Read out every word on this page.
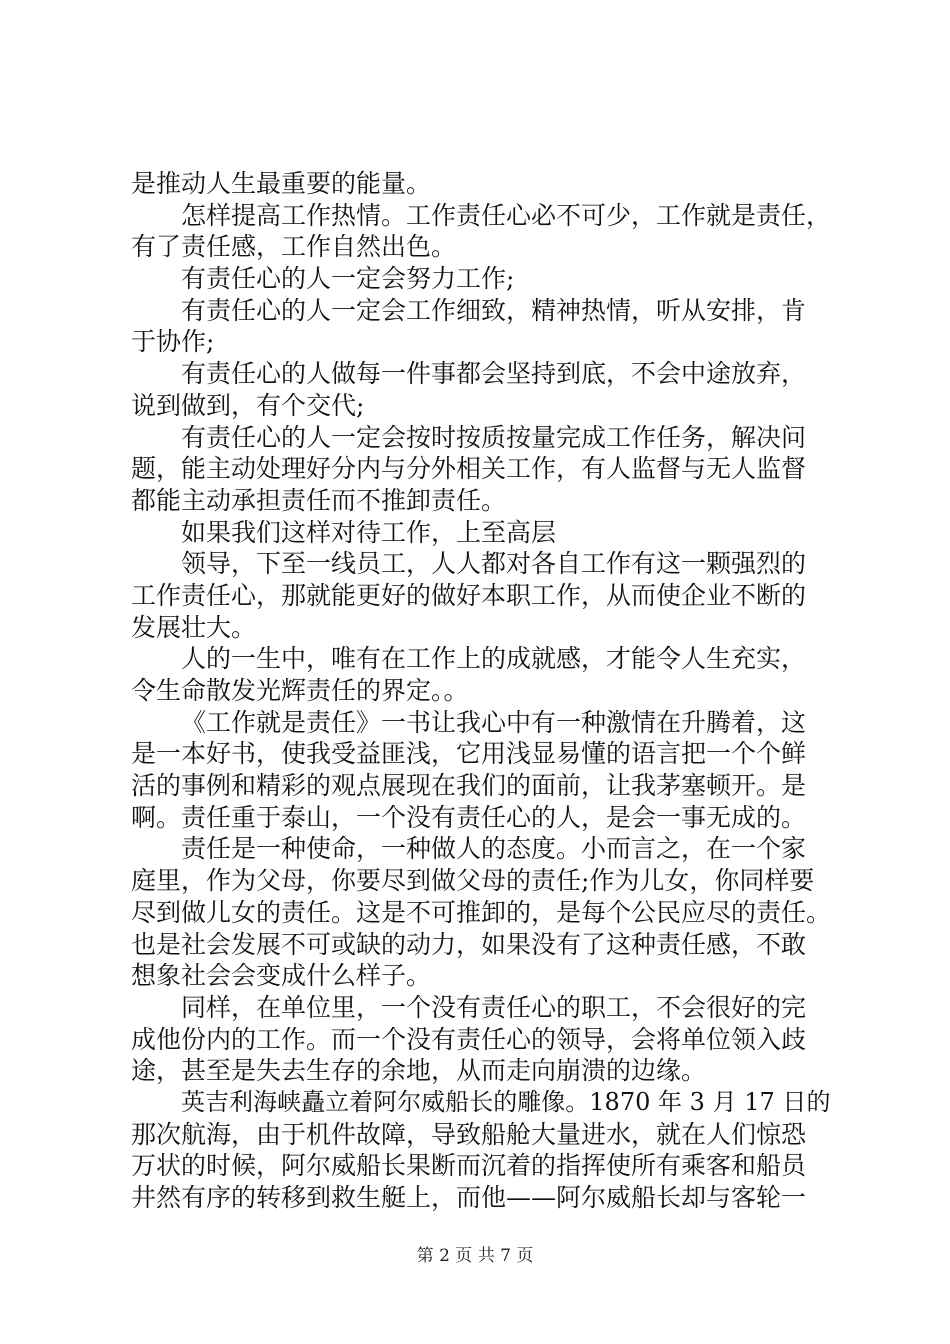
是推动人生最重要的能量。
怎样提高工作热情。工作责任心必不可少，工作就是责任，
有了责任感，工作自然出色。
有责任心的人一定会努力工作;
有责任心的人一定会工作细致，精神热情，听从安排，肯
于协作;
有责任心的人做每一件事都会坚持到底，不会中途放弃，
说到做到，有个交代;
有责任心的人一定会按时按质按量完成工作任务，解决问
题，能主动处理好分内与分外相关工作，有人监督与无人监督
都能主动承担责任而不推卸责任。
如果我们这样对待工作，上至高层
领导，下至一线员工，人人都对各自工作有这一颗强烈的
工作责任心，那就能更好的做好本职工作，从而使企业不断的
发展壮大。
人的一生中，唯有在工作上的成就感，才能令人生充实，
令生命散发光辉责任的界定。。
《工作就是责任》一书让我心中有一种激情在升腾着，这
是一本好书，使我受益匪浅，它用浅显易懂的语言把一个个鲜
活的事例和精彩的观点展现在我们的面前，让我茅塞顿开。是
啊。责任重于泰山，一个没有责任心的人，是会一事无成的。
责任是一种使命，一种做人的态度。小而言之，在一个家
庭里，作为父母，你要尽到做父母的责任;作为儿女，你同样要
尽到做儿女的责任。这是不可推卸的，是每个公民应尽的责任。
也是社会发展不可或缺的动力，如果没有了这种责任感，不敢
想象社会会变成什么样子。
同样，在单位里，一个没有责任心的职工，不会很好的完
成他份内的工作。而一个没有责任心的领导，会将单位领入歧
途，甚至是失去生存的余地，从而走向崩溃的边缘。
英吉利海峡矗立着阿尔威船长的雕像。1870 年 3 月 17 日的
那次航海，由于机件故障，导致船舱大量进水，就在人们惊恐
万状的时候，阿尔威船长果断而沉着的指挥使所有乘客和船员
井然有序的转移到救生艇上，而他——阿尔威船长却与客轮一
第 2 页 共 7 页
